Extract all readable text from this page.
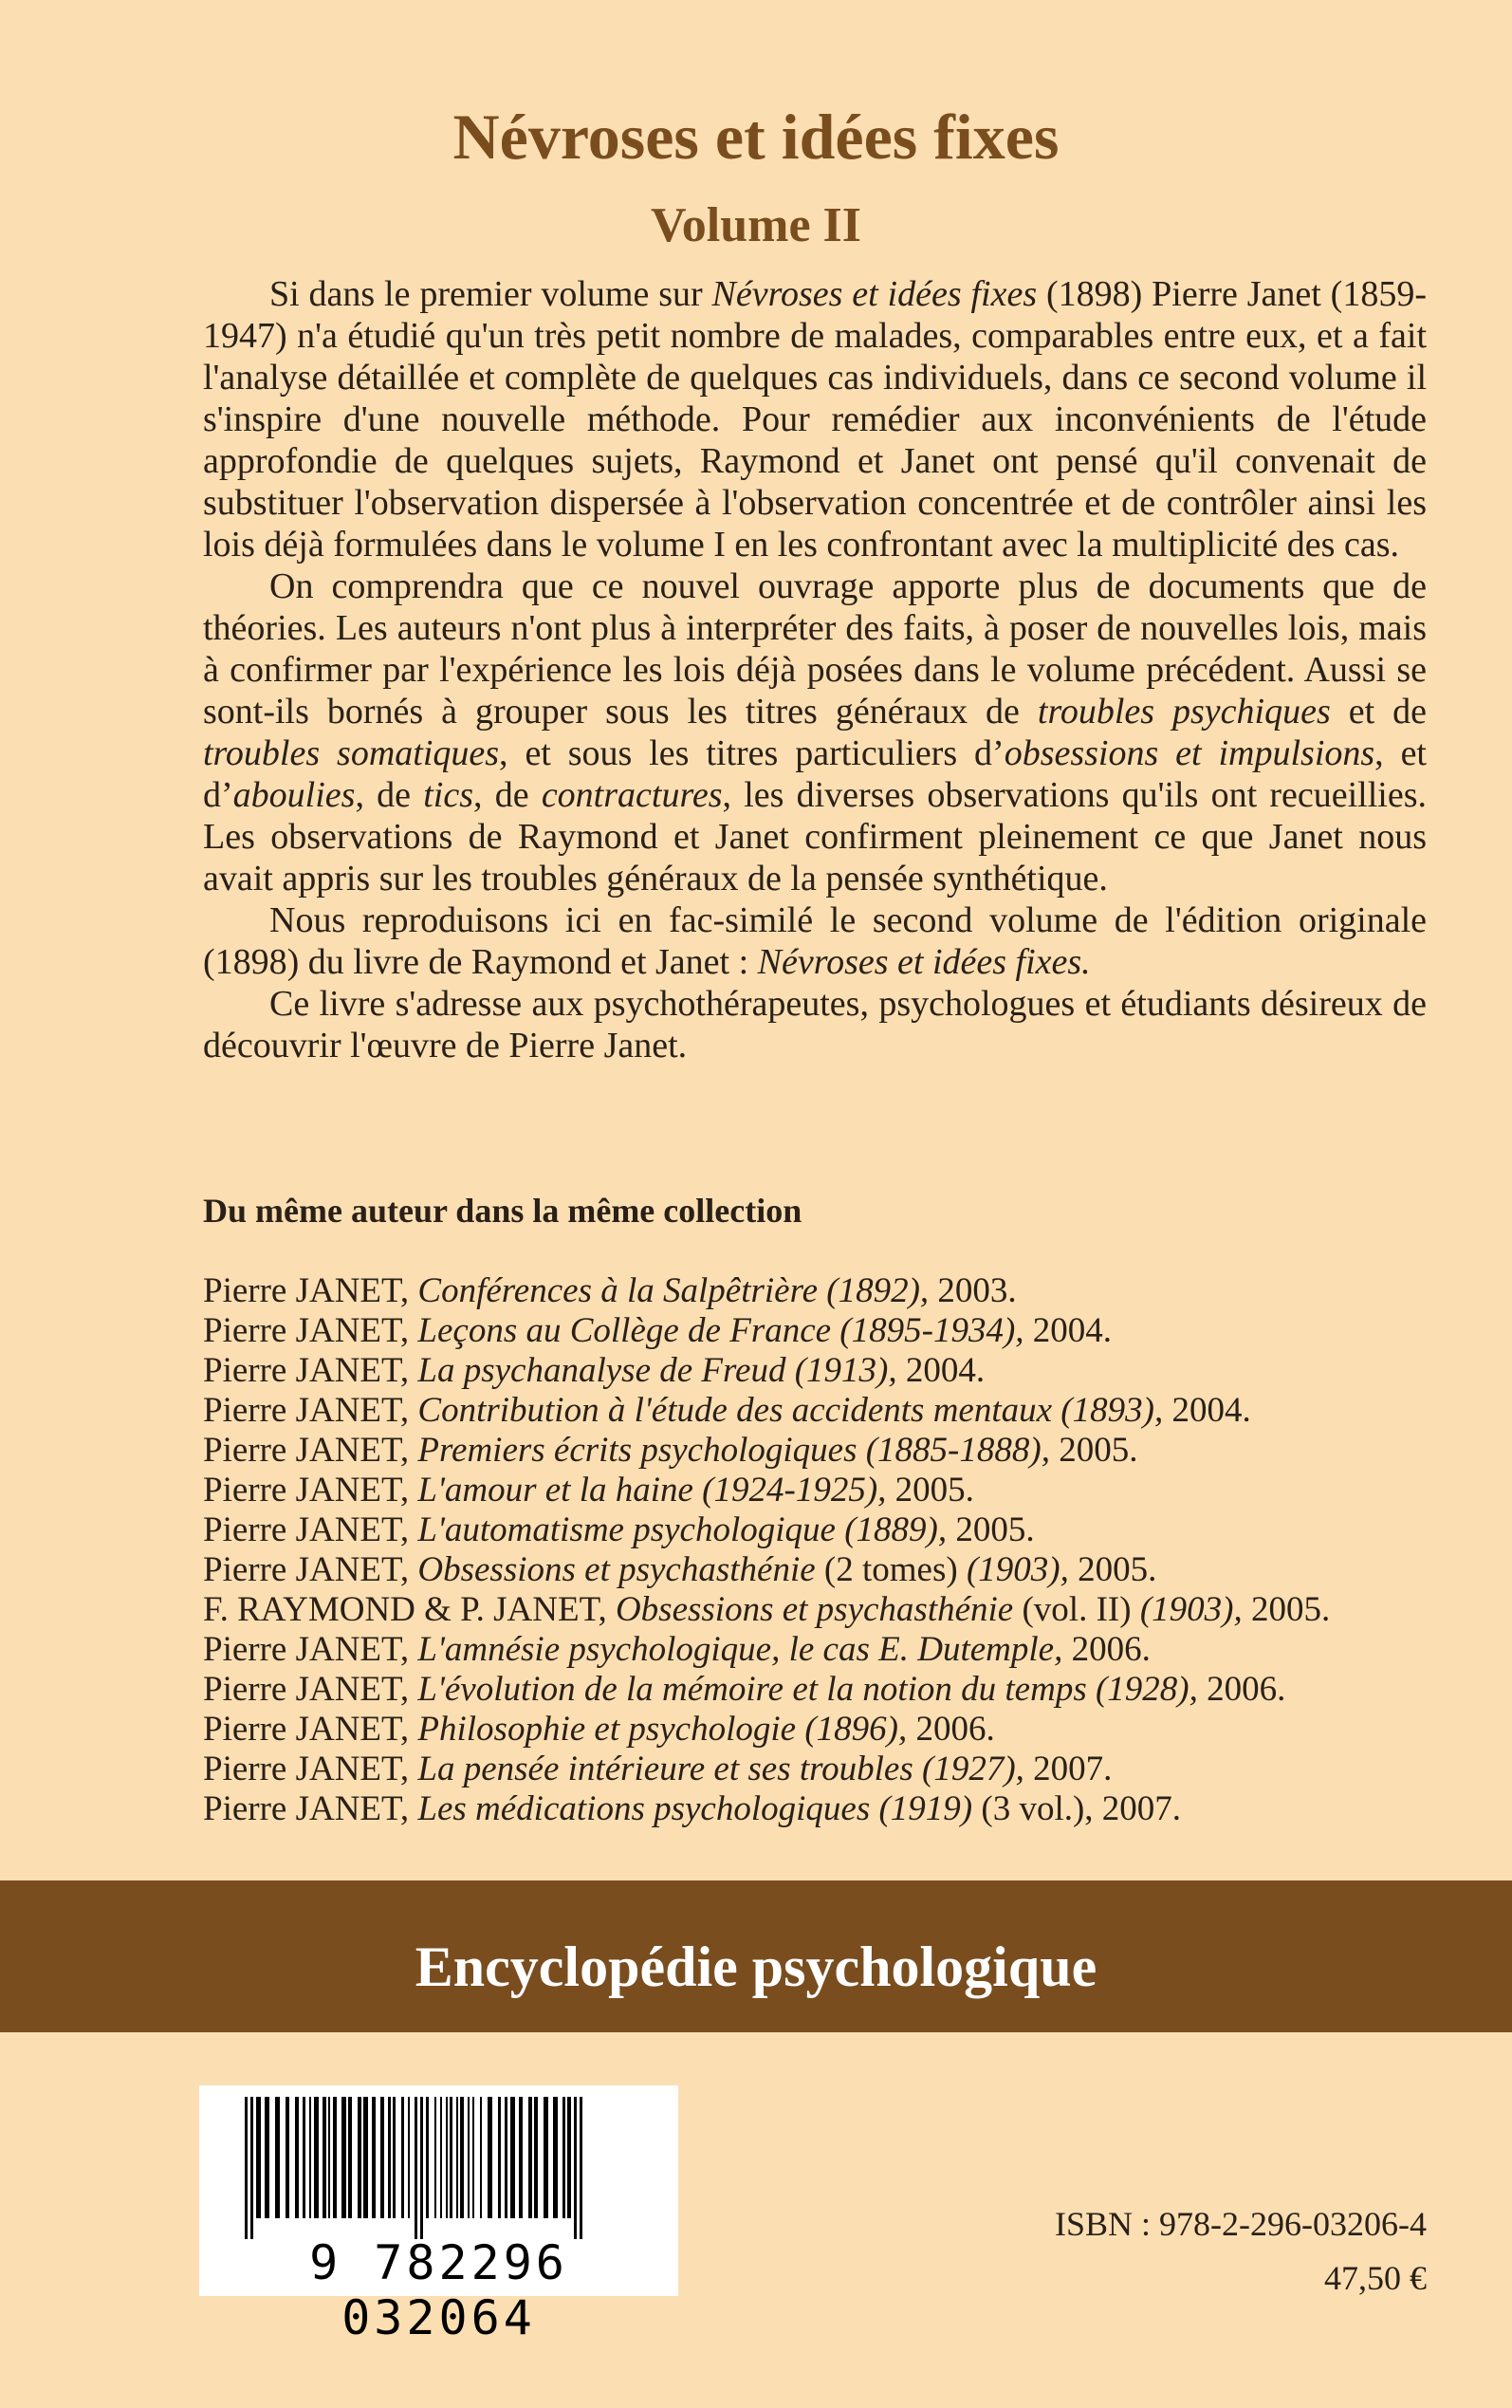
Névroses et idées fixes
Volume II

Si dans le premier volume sur Névroses et idées fixes (1898) Pierre Janet (1859-1947) n'a étudié qu'un très petit nombre de malades, comparables entre eux, et a fait l'analyse détaillée et complète de quelques cas individuels, dans ce second volume il s'inspire d'une nouvelle méthode. Pour remédier aux inconvénients de l'étude approfondie de quelques sujets, Raymond et Janet ont pensé qu'il convenait de substituer l'observation dispersée à l'observation concentrée et de contrôler ainsi les lois déjà formulées dans le volume I en les confrontant avec la multiplicité des cas.

On comprendra que ce nouvel ouvrage apporte plus de documents que de théories. Les auteurs n'ont plus à interpréter des faits, à poser de nouvelles lois, mais à confirmer par l'expérience les lois déjà posées dans le volume précédent. Aussi se sont-ils bornés à grouper sous les titres généraux de troubles psychiques et de troubles somatiques, et sous les titres particuliers d’obsessions et impulsions, et d’aboulies, de tics, de contractures, les diverses observations qu'ils ont recueillies. Les observations de Raymond et Janet confirment pleinement ce que Janet nous avait appris sur les troubles généraux de la pensée synthétique.

Nous reproduisons ici en fac-similé le second volume de l'édition originale (1898) du livre de Raymond et Janet : Névroses et idées fixes.

Ce livre s'adresse aux psychothérapeutes, psychologues et étudiants désireux de découvrir l'œuvre de Pierre Janet.

Du même auteur dans la même collection
Pierre JANET, Conférences à la Salpêtrière (1892), 2003.
Pierre JANET, Leçons au Collège de France (1895-1934), 2004.
Pierre JANET, La psychanalyse de Freud (1913), 2004.
Pierre JANET, Contribution à l'étude des accidents mentaux (1893), 2004.
Pierre JANET, Premiers écrits psychologiques (1885-1888), 2005.
Pierre JANET, L'amour et la haine (1924-1925), 2005.
Pierre JANET, L'automatisme psychologique (1889), 2005.
Pierre JANET, Obsessions et psychasthénie (2 tomes) (1903), 2005.
F. RAYMOND & P. JANET, Obsessions et psychasthénie (vol. II) (1903), 2005.
Pierre JANET, L'amnésie psychologique, le cas E. Dutemple, 2006.
Pierre JANET, L'évolution de la mémoire et la notion du temps (1928), 2006.
Pierre JANET, Philosophie et psychologie (1896), 2006.
Pierre JANET, La pensée intérieure et ses troubles (1927), 2007.
Pierre JANET, Les médications psychologiques (1919) (3 vol.), 2007.
Encyclopédie psychologique
9 782296 032064

ISBN : 978-2-296-03206-4

47,50 €
